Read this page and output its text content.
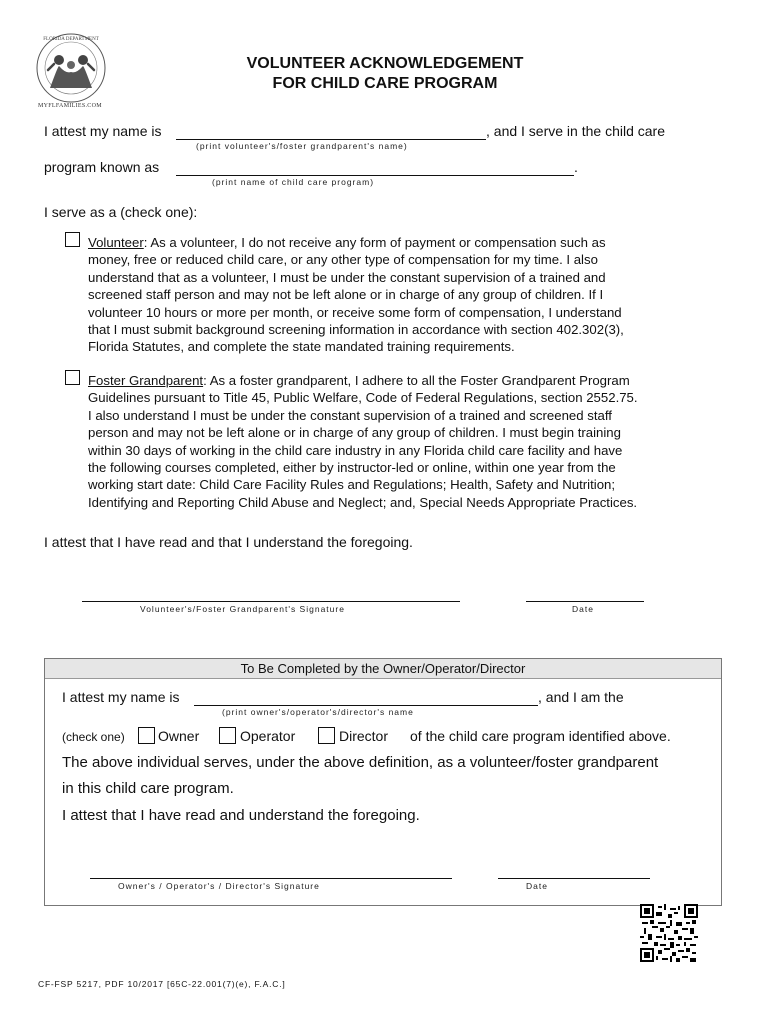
FLORIDA DEPARTMENT
MYFLFAMILIES.COM
VOLUNTEER ACKNOWLEDGEMENT
FOR CHILD CARE PROGRAM
I attest my name is	, and I serve in the child care
(print volunteer's/foster grandparent's name)
program known as	.
(print name of child care program)
I serve as a (check one):

Volunteer: As a volunteer, I do not receive any form of payment or compensation such as

money, free or reduced child care, or any other type of compensation for my time. I also

understand that as a volunteer, I must be under the constant supervision of a trained and

screened staff person and may not be left alone or in charge of any group of children. If I

volunteer 10 hours or more per month, or receive some form of compensation, I understand

that I must submit background screening information in accordance with section 402.302(3),

Florida Statutes, and complete the state mandated training requirements.

Foster Grandparent: As a foster grandparent, I adhere to all the Foster Grandparent Program

Guidelines pursuant to Title 45, Public Welfare, Code of Federal Regulations, section 2552.75.

I also understand I must be under the constant supervision of a trained and screened staff

person and may not be left alone or in charge of any group of children. I must begin training

within 30 days of working in the child care industry in any Florida child care facility and have

the following courses completed, either by instructor-led or online, within one year from the

working start date: Child Care Facility Rules and Regulations; Health, Safety and Nutrition;

Identifying and Reporting Child Abuse and Neglect; and, Special Needs Appropriate Practices.

I attest that I have read and that I understand the foregoing.
Volunteer's/Foster Grandparent's Signature	Date
To Be Completed by the Owner/Operator/Director
I attest my name is	, and I am the
(print owner's/operator's/director's name
(check one) Owner	Operator	Director of the child care program identified above.
The above individual serves, under the above definition, as a volunteer/foster grandparent
in this child care program.
I attest that I have read and understand the foregoing.
Owner's / Operator's / Director's Signature	Date
CF-FSP 5217, PDF 10/2017 [65C-22.001(7)(e), F.A.C.]
